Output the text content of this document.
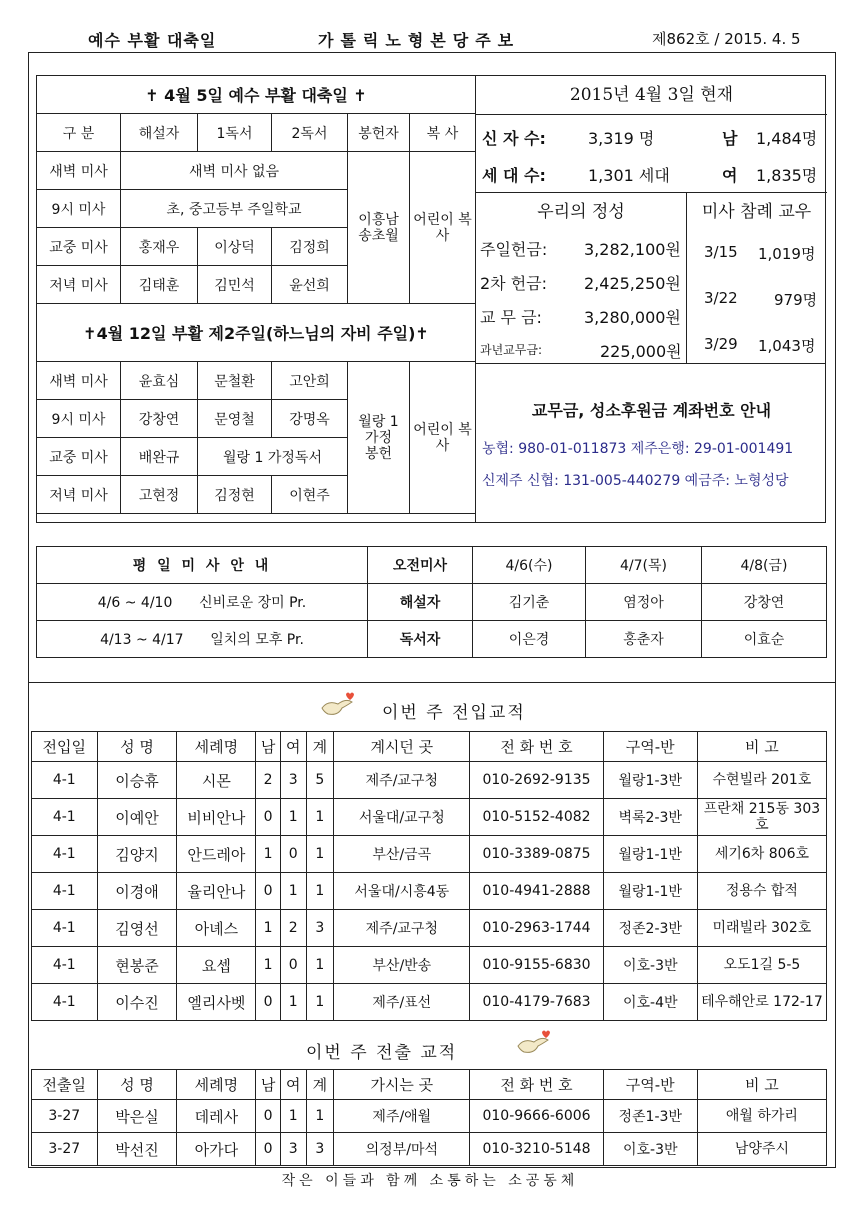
예수 부활 대축일	가톨릭노형본당주보	제862호 / 2015. 4. 5
✝ 4월 5일 예수 부활 대축일 ✝					
구 분	해설자	1독서	2독서	봉헌자	복 사
새벽 미사	새벽 미사 없음			이흥남 송초월	어린이 복사
9시 미사	초, 중고등부 주일학교				
교중 미사	홍재우	이상덕	김정희		
저녁 미사	김태훈	김민석	윤선희		
✝4월 12일 부활 제2주일(하느님의 자비 주일)✝					
새벽 미사	윤효심	문철환	고안희	월랑 1 가정 봉헌	어린이 복사
9시 미사	강창연	문영철	강명옥		
교중 미사	배완규	월랑 1 가정독서			
저녁 미사	고현정	김정현	이현주		
2015년 4월 3일 현재
신 자 수:	3,319 명	남 1,484명
세 대 수:	1,301 세대	여 1,835명
우리의 정성
주일헌금: 3,282,100원
2차 헌금: 2,425,250원
교 무 금:	3,280,000원
과년교무금:	225,000원
미사 참례 교우
3/15 1,019명
3/22 979명
3/29 1,043명
교무금, 성소후원금 계좌번호 안내
농협: 980-01-011873 제주은행: 29-01-001491
신제주 신협: 131-005-440279 예금주: 노형성당
평 일 미 사 안 내	오전미사	4/6(수)	4/7(목)	4/8(금)
4/6 ~ 4/10 신비로운 장미 Pr.	해설자	김기춘	염정아	강창연
4/13 ~ 4/17 일치의 모후 Pr.	독서자	이은경	홍춘자	이효순
이번 주 전입교적
전입일	성 명	세례명	남	여	계	계시던 곳	전 화 번 호	구역-반	비 고
4-1	이승휴	시몬	2	3	5	제주/교구청	010-2692-9135	월랑1-3반	수현빌라 201호
4-1	이예안	비비안나	0	1	1	서울대/교구청	010-5152-4082	벽록2-3반	프란채 215동 303호
4-1	김양지	안드레아	1	0	1	부산/금곡	010-3389-0875	월랑1-1반	세기6차 806호
4-1	이경애	율리안나	0	1	1	서울대/시흥4동	010-4941-2888	월랑1-1반	정용수 합적
4-1	김영선	아녜스	1	2	3	제주/교구청	010-2963-1744	정존2-3반	미래빌라 302호
4-1	현봉준	요셉	1	0	1	부산/반송	010-9155-6830	이호-3반	오도1길 5-5
4-1	이수진	엘리사벳	0	1	1	제주/표선	010-4179-7683	이호-4반	테우해안로 172-17
이번 주 전출 교적
전출일	성 명	세례명	남	여	계	가시는 곳	전 화 번 호	구역-반	비 고
3-27	박은실	데레사	0	1	1	제주/애월	010-9666-6006	정존1-3반	애월 하가리
3-27	박선진	아가다	0	3	3	의정부/마석	010-3210-5148	이호-3반	남양주시
작은 이들과 함께 소통하는 소공동체
